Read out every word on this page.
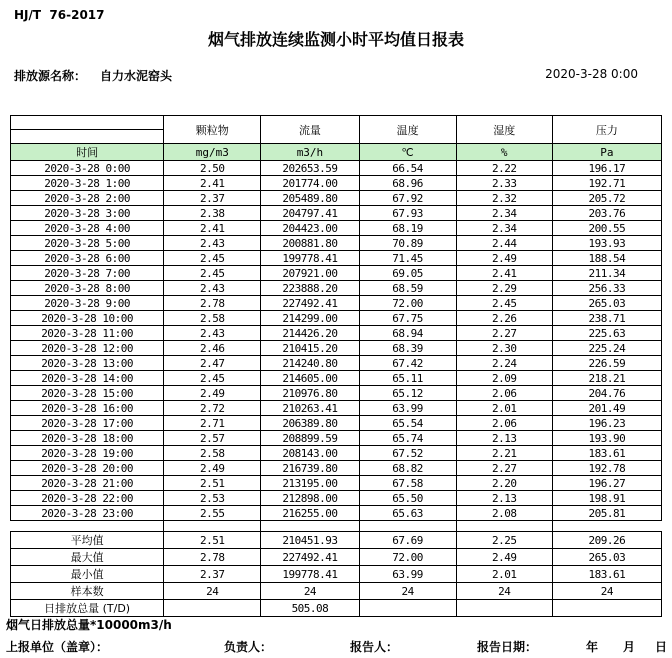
HJ/T  76-2017
烟气排放连续监测小时平均值日报表
排放源名称： 自力水泥窑头	2020-3-28 0:00
	颗粒物	流量	温度	湿度	压力

时间	mg/m3	m3/h	℃	%	Pa
2020-3-28 0:00	2.50	202653.59	66.54	2.22	196.17
2020-3-28 1:00	2.41	201774.00	68.96	2.33	192.71
2020-3-28 2:00	2.37	205489.80	67.92	2.32	205.72
2020-3-28 3:00	2.38	204797.41	67.93	2.34	203.76
2020-3-28 4:00	2.41	204423.00	68.19	2.34	200.55
2020-3-28 5:00	2.43	200881.80	70.89	2.44	193.93
2020-3-28 6:00	2.45	199778.41	71.45	2.49	188.54
2020-3-28 7:00	2.45	207921.00	69.05	2.41	211.34
2020-3-28 8:00	2.43	223888.20	68.59	2.29	256.33
2020-3-28 9:00	2.78	227492.41	72.00	2.45	265.03
2020-3-28 10:00	2.58	214299.00	67.75	2.26	238.71
2020-3-28 11:00	2.43	214426.20	68.94	2.27	225.63
2020-3-28 12:00	2.46	210415.20	68.39	2.30	225.24
2020-3-28 13:00	2.47	214240.80	67.42	2.24	226.59
2020-3-28 14:00	2.45	214605.00	65.11	2.09	218.21
2020-3-28 15:00	2.49	210976.80	65.12	2.06	204.76
2020-3-28 16:00	2.72	210263.41	63.99	2.01	201.49
2020-3-28 17:00	2.71	206389.80	65.54	2.06	196.23
2020-3-28 18:00	2.57	208899.59	65.74	2.13	193.90
2020-3-28 19:00	2.58	208143.00	67.52	2.21	183.61
2020-3-28 20:00	2.49	216739.80	68.82	2.27	192.78
2020-3-28 21:00	2.51	213195.00	67.58	2.20	196.27
2020-3-28 22:00	2.53	212898.00	65.50	2.13	198.91
2020-3-28 23:00	2.55	216255.00	65.63	2.08	205.81

平均值	2.51	210451.93	67.69	2.25	209.26
最大值	2.78	227492.41	72.00	2.49	265.03
最小值	2.37	199778.41	63.99	2.01	183.61
样本数	24	24	24	24	24
日排放总量 (T/D)		505.08			
烟气日排放总量*10000m3/h
上报单位（盖章）：	负责人：	报告人：	报告日期：	年 月 日
